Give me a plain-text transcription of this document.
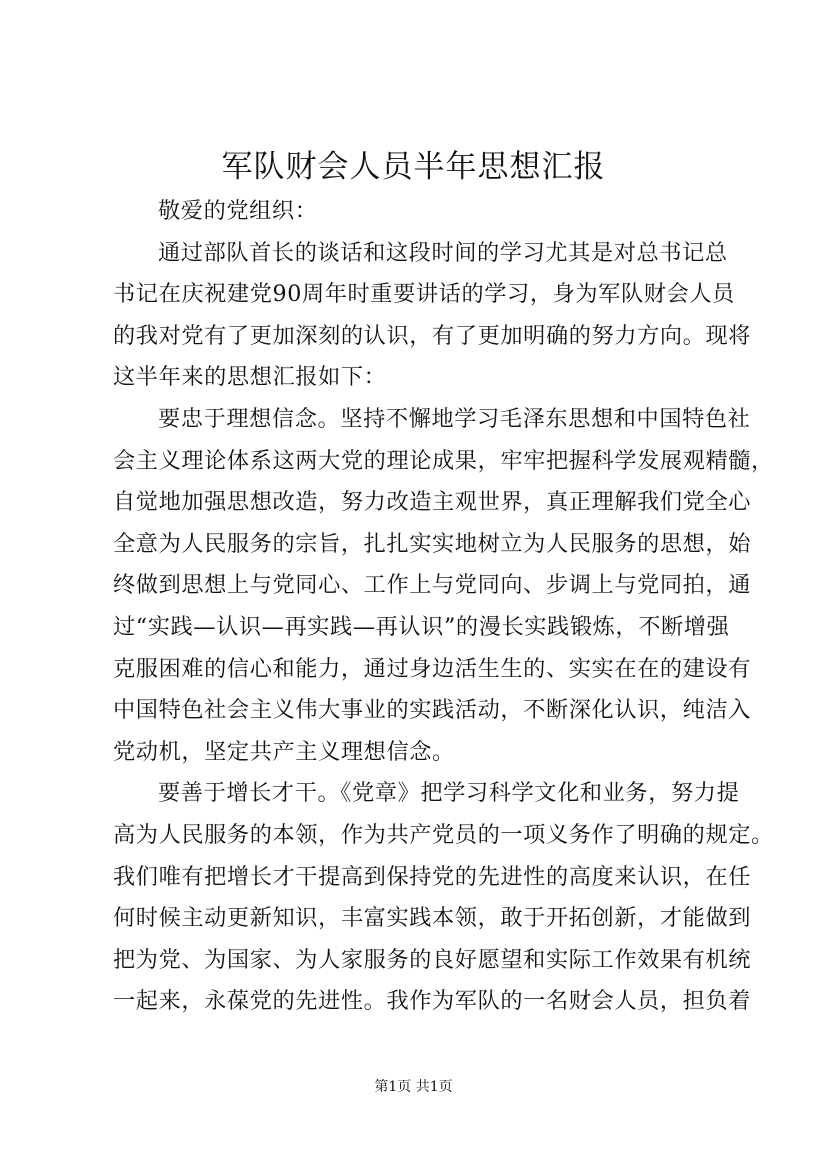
军队财会人员半年思想汇报
敬爱的党组织：
通过部队首长的谈话和这段时间的学习尤其是对总书记总
书记在庆祝建党90周年时重要讲话的学习，身为军队财会人员
的我对党有了更加深刻的认识，有了更加明确的努力方向。现将
这半年来的思想汇报如下：
要忠于理想信念。坚持不懈地学习毛泽东思想和中国特色社
会主义理论体系这两大党的理论成果，牢牢把握科学发展观精髓，
自觉地加强思想改造，努力改造主观世界，真正理解我们党全心
全意为人民服务的宗旨，扎扎实实地树立为人民服务的思想，始
终做到思想上与党同心、工作上与党同向、步调上与党同拍，通
过“实践—认识—再实践—再认识”的漫长实践锻炼，不断增强
克服困难的信心和能力，通过身边活生生的、实实在在的建设有
中国特色社会主义伟大事业的实践活动，不断深化认识，纯洁入
党动机，坚定共产主义理想信念。
要善于增长才干。《党章》把学习科学文化和业务，努力提
高为人民服务的本领，作为共产党员的一项义务作了明确的规定。
我们唯有把增长才干提高到保持党的先进性的高度来认识，在任
何时候主动更新知识，丰富实践本领，敢于开拓创新，才能做到
把为党、为国家、为人家服务的良好愿望和实际工作效果有机统
一起来，永葆党的先进性。我作为军队的一名财会人员，担负着
第1页 共1页
